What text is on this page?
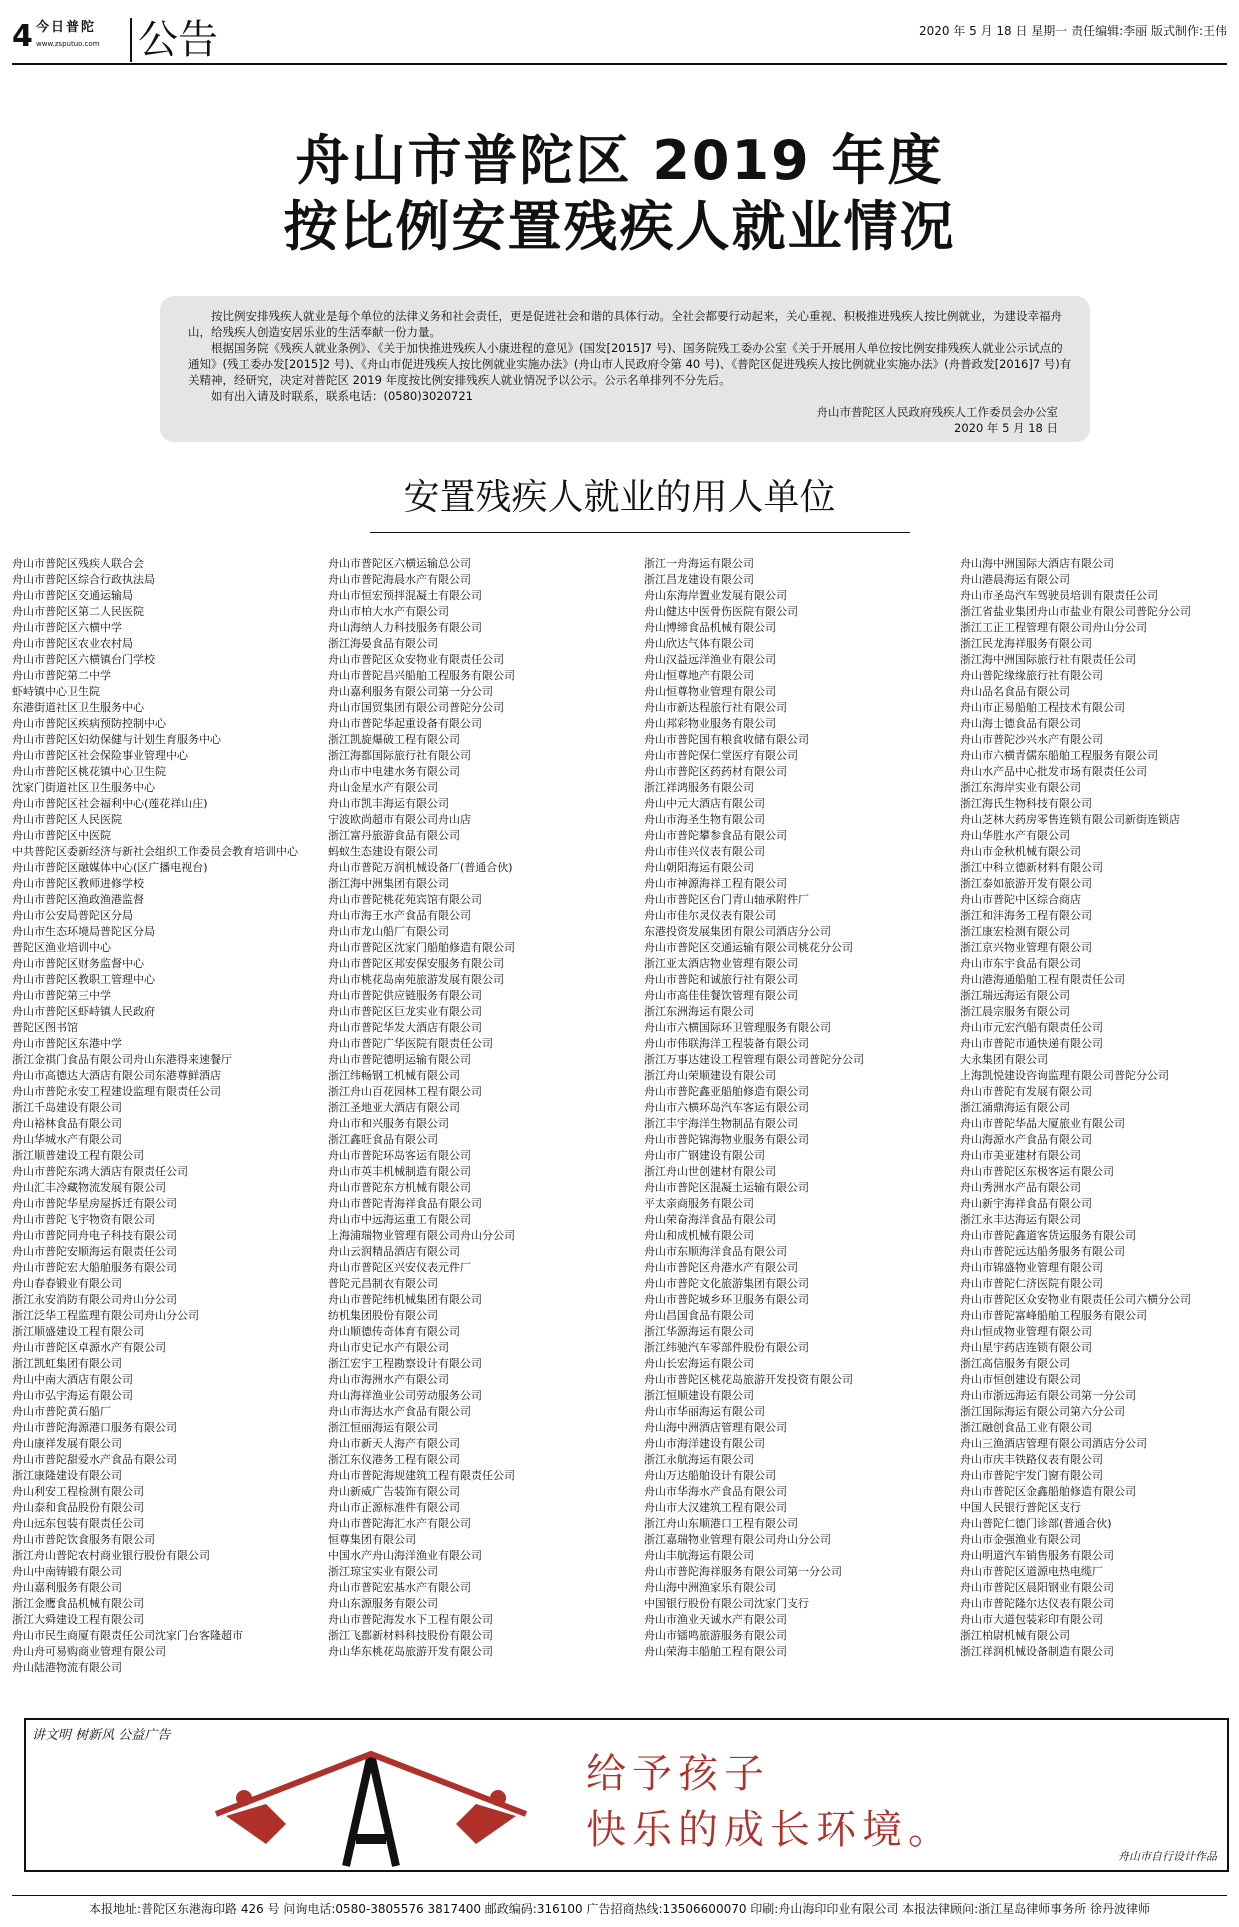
4 今日普陀
www.zsputuo.com 公告	2020 年 5 月 18 日 星期一 责任编辑:李丽 版式制作:王伟
舟山市普陀区 2019 年度
按比例安置残疾人就业情况

按比例安排残疾人就业是每个单位的法律义务和社会责任，更是促进社会和谐的具体行动。全社会都要行动起来，关心重视、积极推进残疾人按比例就业，为建设幸福舟山，给残疾人创造安居乐业的生活奉献一份力量。

根据国务院《残疾人就业条例》、《关于加快推进残疾人小康进程的意见》(国发[2015]7 号)、国务院残工委办公室《关于开展用人单位按比例安排残疾人就业公示试点的通知》(残工委办发[2015]2 号)、《舟山市促进残疾人按比例就业实施办法》(舟山市人民政府令第 40 号)、《普陀区促进残疾人按比例就业实施办法》(舟普政发[2016]7 号)有关精神，经研究，决定对普陀区 2019 年度按比例安排残疾人就业情况予以公示。公示名单排列不分先后。

如有出入请及时联系，联系电话：(0580)3020721

舟山市普陀区人民政府残疾人工作委员会办公室

2020 年 5 月 18 日

安置残疾人就业的用人单位
舟山市普陀区残疾人联合会
舟山市普陀区综合行政执法局
舟山市普陀区交通运输局
舟山市普陀区第二人民医院
舟山市普陀区六横中学
舟山市普陀区农业农村局
舟山市普陀区六横镇台门学校
舟山市普陀第二中学
虾峙镇中心卫生院
东港街道社区卫生服务中心
舟山市普陀区疾病预防控制中心
舟山市普陀区妇幼保健与计划生育服务中心
舟山市普陀区社会保险事业管理中心
舟山市普陀区桃花镇中心卫生院
沈家门街道社区卫生服务中心
舟山市普陀区社会福利中心(莲花祥山庄)
舟山市普陀区人民医院
舟山市普陀区中医院
中共普陀区委新经济与新社会组织工作委员会教育培训中心
舟山市普陀区融媒体中心(区广播电视台)
舟山市普陀区教师进修学校
舟山市普陀区渔政渔港监督
舟山市公安局普陀区分局
舟山市生态环境局普陀区分局
普陀区渔业培训中心
舟山市普陀区财务监督中心
舟山市普陀区教职工管理中心
舟山市普陀第三中学
舟山市普陀区虾峙镇人民政府
普陀区图书馆
舟山市普陀区东港中学
浙江金祺门食品有限公司舟山东港得来速餐厅
舟山市高德达大酒店有限公司东港尊鲜酒店
舟山市普陀永安工程建设监理有限责任公司
浙江千岛建设有限公司
舟山裕林食品有限公司
舟山华城水产有限公司
浙江顺普建设工程有限公司
舟山市普陀东鸿大酒店有限责任公司
舟山汇丰冷藏物流发展有限公司
舟山市普陀华星房屋拆迁有限公司
舟山市普陀飞宇物资有限公司
舟山市普陀同舟电子科技有限公司
舟山市普陀安顺海运有限责任公司
舟山市普陀宏大船舶服务有限公司
舟山春春锻业有限公司
浙江永安消防有限公司舟山分公司
浙江泛华工程监理有限公司舟山分公司
浙江顺盛建设工程有限公司
舟山市普陀区卓源水产有限公司
浙江凯虹集团有限公司
舟山中南大酒店有限公司
舟山市弘宇海运有限公司
舟山市普陀黄石船厂
舟山市普陀海源港口服务有限公司
舟山康祥发展有限公司
舟山市普陀甜爱水产食品有限公司
浙江康隆建设有限公司
舟山利安工程检测有限公司
舟山泰和食品股份有限公司
舟山远东包装有限责任公司
舟山市普陀饮食服务有限公司
浙江舟山普陀农村商业银行股份有限公司
舟山中南铸锻有限公司
舟山嘉利服务有限公司
浙江金鹰食品机械有限公司
浙江大舜建设工程有限公司
舟山市民生商厦有限责任公司沈家门台客隆超市
舟山舟可易购商业管理有限公司
舟山陆港物流有限公司
舟山市普陀区六横运输总公司
舟山市普陀海晨水产有限公司
舟山市恒宏预拌混凝土有限公司
舟山市柏大水产有限公司
舟山海纳人力科技服务有限公司
浙江海晏食品有限公司
舟山市普陀区众安物业有限责任公司
舟山市普陀昌兴船舶工程服务有限公司
舟山嘉利服务有限公司第一分公司
舟山市国贸集团有限公司普陀分公司
舟山市普陀华起重设备有限公司
浙江凯旋爆破工程有限公司
浙江海都国际旅行社有限公司
舟山市中电建水务有限公司
舟山金星水产有限公司
舟山市凯丰海运有限公司
宁波欧尚超市有限公司舟山店
浙江富丹旅游食品有限公司
蚂蚁生态建设有限公司
舟山市普陀万润机械设备厂(普通合伙)
浙江海中洲集团有限公司
舟山市普陀桃花苑宾馆有限公司
舟山市海王水产食品有限公司
舟山市龙山船厂有限公司
舟山市普陀区沈家门船舶修造有限公司
舟山市普陀区邦安保安服务有限公司
舟山市桃花岛南苑旅游发展有限公司
舟山市普陀供应链服务有限公司
舟山市普陀区巨龙实业有限公司
舟山市普陀华发大酒店有限公司
舟山市普陀广华医院有限责任公司
舟山市普陀德明运输有限公司
浙江纬畅钢工机械有限公司
浙江舟山百花园林工程有限公司
浙江圣地亚大酒店有限公司
舟山市和兴服务有限公司
浙江鑫旺食品有限公司
舟山市普陀环岛客运有限公司
舟山市英丰机械制造有限公司
舟山市普陀东方机械有限公司
舟山市普陀青海祥食品有限公司
舟山市中远海运重工有限公司
上海浦瑞物业管理有限公司舟山分公司
舟山云润精品酒店有限公司
舟山市普陀区兴安仪表元件厂
普陀元昌制衣有限公司
舟山市普陀纬机械集团有限公司
纺机集团股份有限公司
舟山顺德传奇体育有限公司
舟山市史记水产有限公司
浙江宏宇工程勘察设计有限公司
舟山市海洲水产有限公司
舟山海祥渔业公司劳动服务公司
舟山市海达水产食品有限公司
浙江恒丽海运有限公司
舟山市新天人海产有限公司
浙江东仪港务工程有限公司
舟山市普陀海规建筑工程有限责任公司
舟山新威广告装饰有限公司
舟山市正源标准件有限公司
舟山市普陀海汇水产有限公司
恒尊集团有限公司
中国水产舟山海洋渔业有限公司
浙江琼宝实业有限公司
舟山市普陀宏基水产有限公司
舟山东源服务有限公司
舟山市普陀海发水下工程有限公司
浙江飞都新材料科技股份有限公司
舟山华东桃花岛旅游开发有限公司
浙江一舟海运有限公司
浙江昌龙建设有限公司
舟山东海岸置业发展有限公司
舟山健达中医骨伤医院有限公司
舟山博缔食品机械有限公司
舟山欣达气体有限公司
舟山汉益远洋渔业有限公司
舟山恒尊地产有限公司
舟山恒尊物业管理有限公司
舟山市新达程旅行社有限公司
舟山邦彩物业服务有限公司
舟山市普陀国有粮食收储有限公司
舟山市普陀保仁堂医疗有限公司
舟山市普陀区药药材有限公司
浙江祥鸿服务有限公司
舟山中元大酒店有限公司
舟山市海圣生物有限公司
舟山市普陀攀参食品有限公司
舟山市佳兴仪表有限公司
舟山朝阳海运有限公司
舟山市神源海祥工程有限公司
舟山市普陀区台门青山轴承附件厂
舟山市佳尔灵仪表有限公司
东港投资发展集团有限公司酒店分公司
舟山市普陀区交通运输有限公司桃花分公司
浙江亚太酒店物业管理有限公司
舟山市普陀和诚旅行社有限公司
舟山市高佳佳餐饮管理有限公司
浙江东洲海运有限公司
舟山市六横国际环卫管理服务有限公司
舟山市伟联海洋工程装备有限公司
浙江万事达建设工程管理有限公司普陀分公司
浙江舟山荣顺建设有限公司
舟山市普陀鑫亚船舶修造有限公司
舟山市六横环岛汽车客运有限公司
浙江丰宇海洋生物制品有限公司
舟山市普陀锦海物业服务有限公司
舟山市广钢建设有限公司
浙江舟山世创建材有限公司
舟山市普陀区混凝土运输有限公司
平太亲商服务有限公司
舟山荣奋海洋食品有限公司
舟山和成机械有限公司
舟山市东顺海洋食品有限公司
舟山市普陀区舟港水产有限公司
舟山市普陀文化旅游集团有限公司
舟山市普陀城乡环卫服务有限公司
舟山昌国食品有限公司
浙江华源海运有限公司
浙江纬驰汽车零部件股份有限公司
舟山长宏海运有限公司
舟山市普陀区桃花岛旅游开发投资有限公司
浙江恒顺建设有限公司
舟山市华丽海运有限公司
舟山海中洲酒店管理有限公司
舟山市海洋建设有限公司
浙江永航海运有限公司
舟山万达船舶设计有限公司
舟山市华海水产食品有限公司
舟山市大汉建筑工程有限公司
浙江舟山东顺港口工程有限公司
浙江嘉瑞物业管理有限公司舟山分公司
舟山丰航海运有限公司
舟山市普陀海祥服务有限公司第一分公司
舟山海中洲渔家乐有限公司
中国银行股份有限公司沈家门支行
舟山市渔业天诚水产有限公司
舟山市镭鸣旅游服务有限公司
舟山荣海丰船舶工程有限公司
舟山海中洲国际大酒店有限公司
舟山港晨海运有限公司
舟山市圣岛汽车驾驶员培训有限责任公司
浙江省盐业集团舟山市盐业有限公司普陀分公司
浙江工正工程管理有限公司舟山分公司
浙江民龙海祥服务有限公司
浙江海中洲国际旅行社有限责任公司
舟山普陀缘缘旅行社有限公司
舟山品名食品有限公司
舟山市正易船舶工程技术有限公司
舟山海士德食品有限公司
舟山市普陀沙兴水产有限公司
舟山市六横青儒东船舶工程服务有限公司
舟山水产品中心批发市场有限责任公司
浙江东海岸实业有限公司
浙江海氏生物科技有限公司
舟山芝林大药房零售连锁有限公司新街连锁店
舟山华胜水产有限公司
舟山市金秋机械有限公司
浙江中科立德新材料有限公司
浙江泰如旅游开发有限公司
舟山市普陀中区综合商店
浙江和沣海务工程有限公司
浙江康宏检测有限公司
浙江京兴物业管理有限公司
舟山市东宇食品有限公司
舟山港海通船舶工程有限责任公司
浙江瑞远海运有限公司
浙江晨宗服务有限公司
舟山市元宏汽船有限责任公司
舟山市普陀市通快递有限公司
大永集团有限公司
上海凯悦建设咨询监理有限公司普陀分公司
舟山市普陀有发展有限公司
浙江涌鼎海运有限公司
舟山市普陀华晶大厦旅业有限公司
舟山海源水产食品有限公司
舟山市美亚建材有限公司
舟山市普陀区东极客运有限公司
舟山秀洲水产品有限公司
舟山新宇海祥食品有限公司
浙江永丰达海运有限公司
舟山市普陀鑫道客货运服务有限公司
舟山市普陀远达船务服务有限公司
舟山市锦盛物业管理有限公司
舟山市普陀仁济医院有限公司
舟山市普陀区众安物业有限责任公司六横分公司
舟山市普陀富峰船舶工程服务有限公司
舟山恒成物业管理有限公司
舟山星宇药店连锁有限公司
浙江高信服务有限公司
舟山市恒创建设有限公司
舟山市浙远海运有限公司第一分公司
浙江国际海运有限公司第六分公司
浙江融创食品工业有限公司
舟山三渔酒店管理有限公司酒店分公司
舟山市庆丰铁路仪表有限公司
舟山市普陀宇发门窗有限公司
舟山市普陀区金鑫船舶修造有限公司
中国人民银行普陀区支行
舟山普陀仁德门诊部(普通合伙)
舟山市金强渔业有限公司
舟山明道汽车销售服务有限公司
舟山市普陀区道源电热电缆厂
舟山市普陀区晨阳钢业有限公司
舟山市普陀隆尔达仪表有限公司
舟山市大道包装彩印有限公司
浙江柏尉机械有限公司
浙江祥润机械设备制造有限公司
讲文明 树新风 公益广告
给予孩子
快乐的成长环境。
舟山市自行设计作品
本报地址:普陀区东港海印路 426 号 问询电话:0580-3805576 3817400 邮政编码:316100 广告招商热线:13506600070 印刷:舟山海印印业有限公司 本报法律顾问:浙江星岛律师事务所 徐丹波律师
